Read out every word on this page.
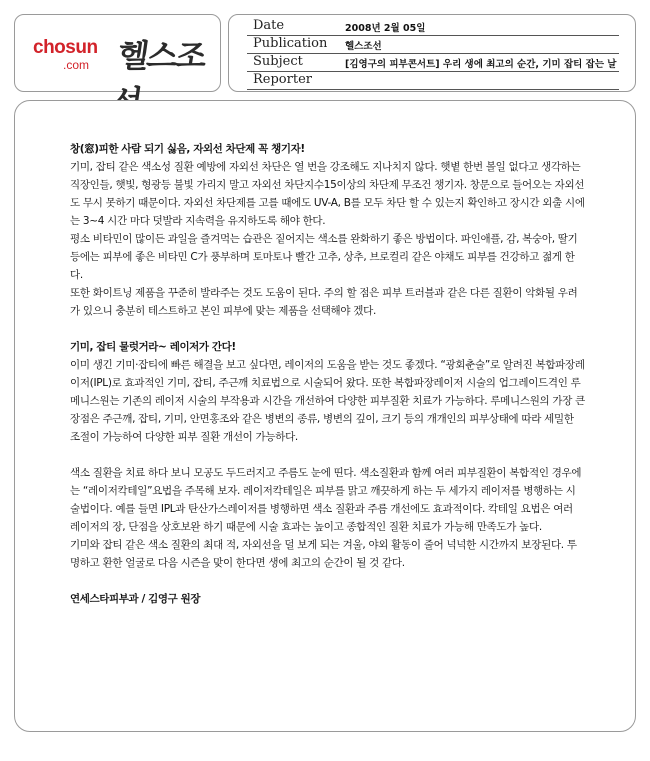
chosun
.com 헬스조선
Date	2008년 2월 05일
Publication 헬스조선
Subject	[김영구의 피부콘서트] 우리 생에 최고의 순간, 기미 잡티 잡는 날
Reporter

창(窓)피한 사람 되기 싫음, 자외선 차단제 꼭 챙기자!

기미, 잡티 같은 색소성 질환 예방에 자외선 차단은 열 번을 강조해도 지나치지 않다. 햇볕 한번 볼일 없다고 생각하는 직장인들, 햇빛, 형광등 불빛 가리지 말고 자외선 차단지수15이상의 차단제 무조건 챙기자. 창문으로 들어오는 자외선도 무시 못하기 때문이다. 자외선 차단제를 고를 때에도 UV-A, B를 모두 차단 할 수 있는지 확인하고 장시간 외출 시에는 3~4 시간 마다 덧발라 지속력을 유지하도록 해야 한다.

평소 비타민이 많이든 과일을 즐겨먹는 습관은 짙어지는 색소를 완화하기 좋은 방법이다. 파인애플, 감, 복숭아, 딸기 등에는 피부에 좋은 비타민 C가 풍부하며 토마토나 빨간 고추, 상추, 브로컬리 같은 야채도 피부를 건강하고 젊게 한다.

또한 화이트닝 제품을 꾸준히 발라주는 것도 도움이 된다. 주의 할 점은 피부 트러블과 같은 다른 질환이 악화될 우려가 있으니 충분히 테스트하고 본인 피부에 맞는 제품을 선택해야 겠다.

기미, 잡티 물럿거라~ 레이저가 간다!

이미 생긴 기미·잡티에 빠른 해결을 보고 싶다면, 레이저의 도움을 받는 것도 좋겠다. “광회춘술”로 알려진 복합파장레이저(IPL)로 효과적인 기미, 잡티, 주근깨 치료법으로 시술되어 왔다. 또한 복합파장레이저 시술의 업그레이드격인 루메니스원는 기존의 레이저 시술의 부작용과 시간을 개선하여 다양한 피부질환 치료가 가능하다. 루메니스원의 가장 큰 장점은 주근깨, 잡티, 기미, 안면홍조와 같은 병변의 종류, 병변의 깊이, 크기 등의 개개인의 피부상태에 따라 세밀한 조절이 가능하여 다양한 피부 질환 개선이 가능하다.

색소 질환을 치료 하다 보니 모공도 두드러지고 주름도 눈에 띤다. 색소질환과 함께 여러 피부질환이 복합적인 경우에는 “레이저칵테일”요법을 주목해 보자. 레이저칵테일은 피부를 맑고 깨끗하게 하는 두 세가지 레이저를 병행하는 시술법이다. 예를 들면 IPL과 탄산가스레이저를 병행하면 색소 질환과 주름 개선에도 효과적이다. 칵테일 요법은 여러 레이저의 장, 단점을 상호보완 하기 때문에 시술 효과는 높이고 종합적인 질환 치료가 가능해 만족도가 높다.

기미와 잡티 같은 색소 질환의 최대 적, 자외선을 덜 보게 되는 겨울, 야외 활동이 줄어 넉넉한 시간까지 보장된다. 투명하고 환한 얼굴로 다음 시즌을 맞이 한다면 생에 최고의 순간이 될 것 같다.

연세스타피부과 / 김영구 원장
